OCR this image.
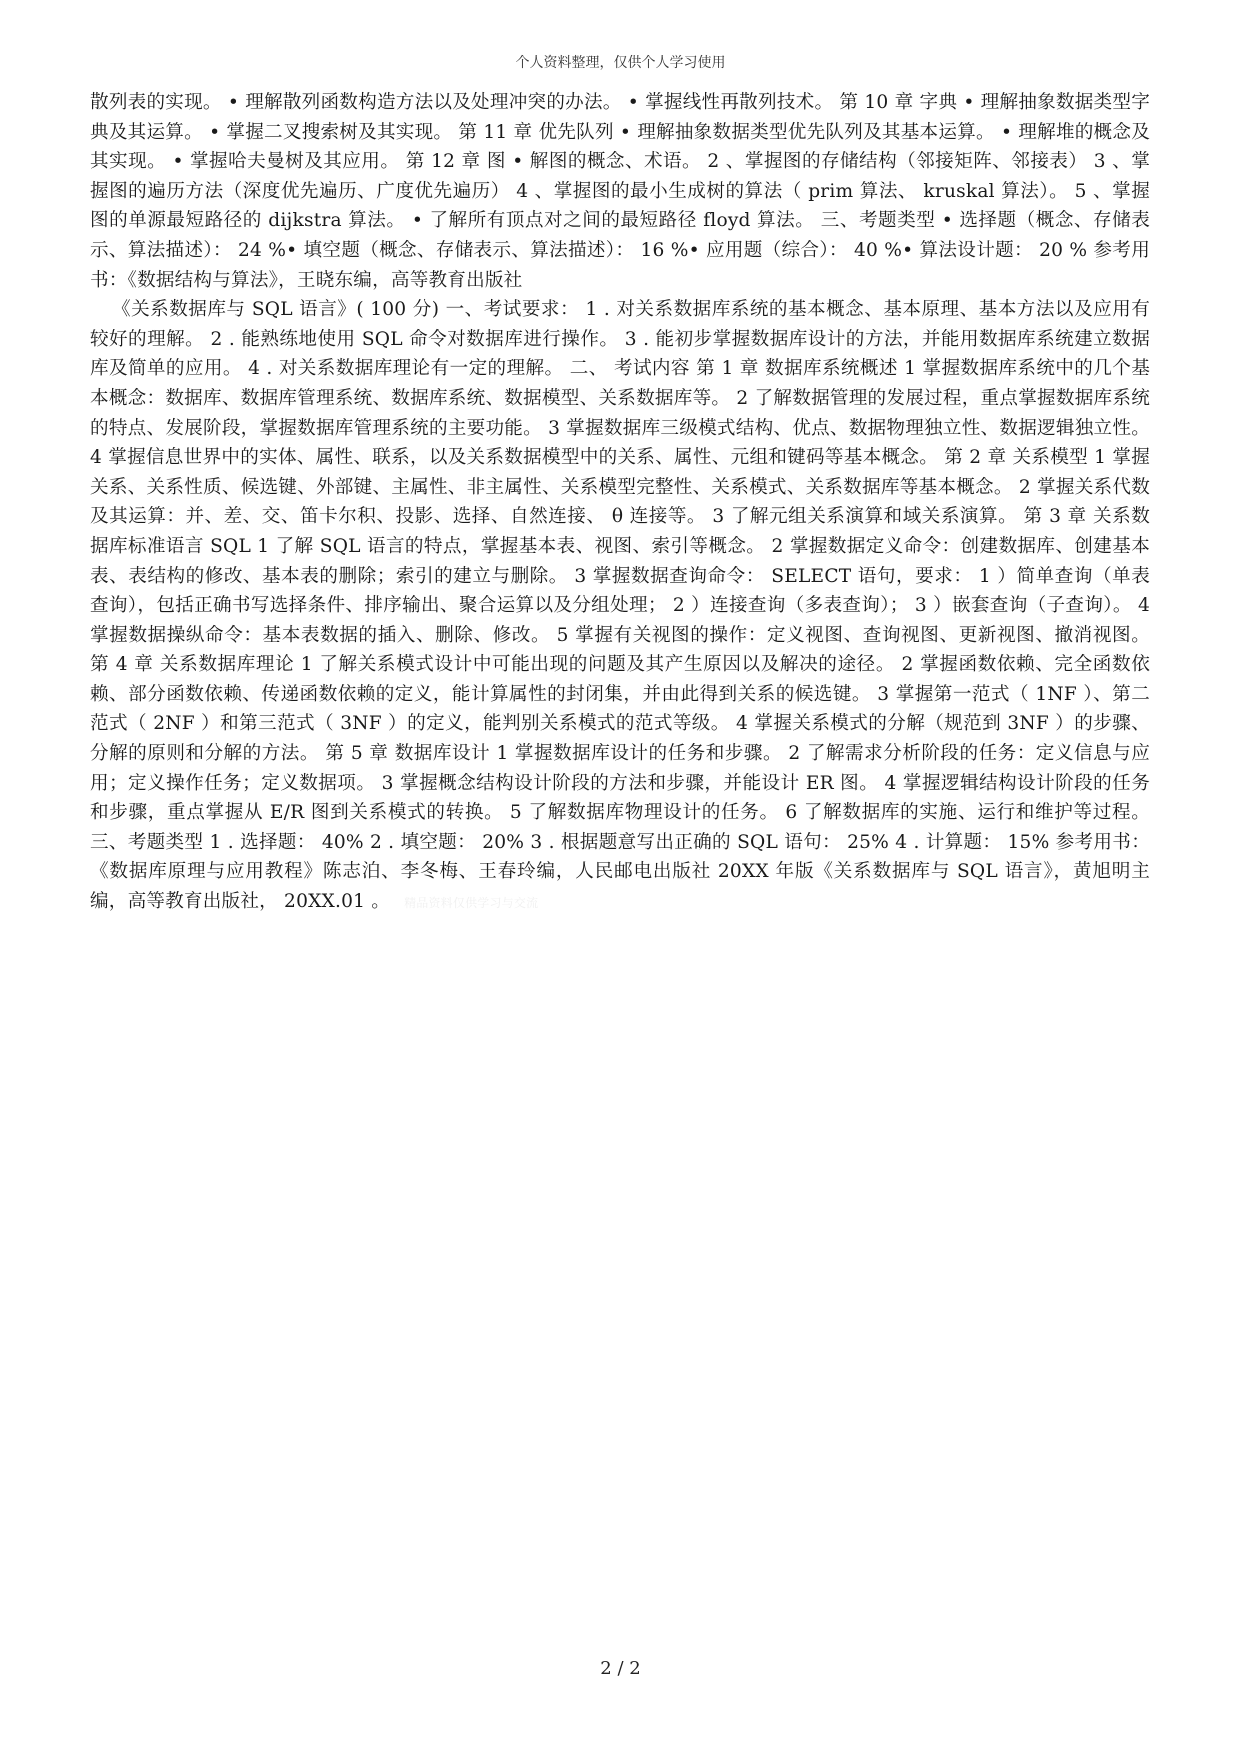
个人资料整理，仅供个人学习使用

散列表的实现。 • 理解散列函数构造方法以及处理冲突的办法。 • 掌握线性再散列技术。 第 10 章 字典 • 理解抽象数据类型字典及其运算。 • 掌握二叉搜索树及其实现。 第 11 章 优先队列 • 理解抽象数据类型优先队列及其基本运算。 • 理解堆的概念及其实现。 • 掌握哈夫曼树及其应用。 第 12 章 图 • 解图的概念、术语。 2 、掌握图的存储结构（邻接矩阵、邻接表） 3 、掌握图的遍历方法（深度优先遍历、广度优先遍历） 4 、掌握图的最小生成树的算法（ prim 算法、 kruskal 算法）。 5 、掌握图的单源最短路径的 dijkstra 算法。 • 了解所有顶点对之间的最短路径 floyd 算法。 三、考题类型 • 选择题（概念、存储表示、算法描述）： 24 %• 填空题（概念、存储表示、算法描述）： 16 %• 应用题（综合）： 40 %• 算法设计题： 20 % 参考用书：《数据结构与算法》，王晓东编，高等教育出版社

《关系数据库与 SQL 语言》( 100 分) 一、考试要求： 1 . 对关系数据库系统的基本概念、基本原理、基本方法以及应用有较好的理解。 2 . 能熟练地使用 SQL 命令对数据库进行操作。 3 . 能初步掌握数据库设计的方法，并能用数据库系统建立数据库及简单的应用。 4 . 对关系数据库理论有一定的理解。 二、 考试内容 第 1 章 数据库系统概述 1 掌握数据库系统中的几个基本概念：数据库、数据库管理系统、数据库系统、数据模型、关系数据库等。 2 了解数据管理的发展过程，重点掌握数据库系统的特点、发展阶段，掌握数据库管理系统的主要功能。 3 掌握数据库三级模式结构、优点、数据物理独立性、数据逻辑独立性。 4 掌握信息世界中的实体、属性、联系，以及关系数据模型中的关系、属性、元组和键码等基本概念。 第 2 章 关系模型 1 掌握关系、关系性质、候选键、外部键、主属性、非主属性、关系模型完整性、关系模式、关系数据库等基本概念。 2 掌握关系代数及其运算：并、差、交、笛卡尔积、投影、选择、自然连接、 θ 连接等。 3 了解元组关系演算和域关系演算。 第 3 章 关系数据库标准语言 SQL 1 了解 SQL 语言的特点，掌握基本表、视图、索引等概念。 2 掌握数据定义命令：创建数据库、创建基本表、表结构的修改、基本表的删除；索引的建立与删除。 3 掌握数据查询命令： SELECT 语句，要求： 1 ）简单查询（单表查询），包括正确书写选择条件、排序输出、聚合运算以及分组处理； 2 ）连接查询（多表查询）； 3 ）嵌套查询（子查询）。 4 掌握数据操纵命令：基本表数据的插入、删除、修改。 5 掌握有关视图的操作：定义视图、查询视图、更新视图、撤消视图。 第 4 章 关系数据库理论 1 了解关系模式设计中可能出现的问题及其产生原因以及解决的途径。 2 掌握函数依赖、完全函数依赖、部分函数依赖、传递函数依赖的定义，能计算属性的封闭集，并由此得到关系的候选键。 3 掌握第一范式（ 1NF ）、第二范式（ 2NF ）和第三范式（ 3NF ）的定义，能判别关系模式的范式等级。 4 掌握关系模式的分解（规范到 3NF ）的步骤、分解的原则和分解的方法。 第 5 章 数据库设计 1 掌握数据库设计的任务和步骤。 2 了解需求分析阶段的任务：定义信息与应用；定义操作任务；定义数据项。 3 掌握概念结构设计阶段的方法和步骤，并能设计 ER 图。 4 掌握逻辑结构设计阶段的任务和步骤，重点掌握从 E/R 图到关系模式的转换。 5 了解数据库物理设计的任务。 6 了解数据库的实施、运行和维护等过程。 三、考题类型 1 . 选择题： 40% 2 . 填空题： 20% 3 . 根据题意写出正确的 SQL 语句： 25% 4 . 计算题： 15% 参考用书： 《数据库原理与应用教程》陈志泊、李冬梅、王春玲编，人民邮电出版社 20XX 年版《关系数据库与 SQL 语言》，黄旭明主编，高等教育出版社， 20XX.01 。 精品资料仅供学习与交流

2 / 2
